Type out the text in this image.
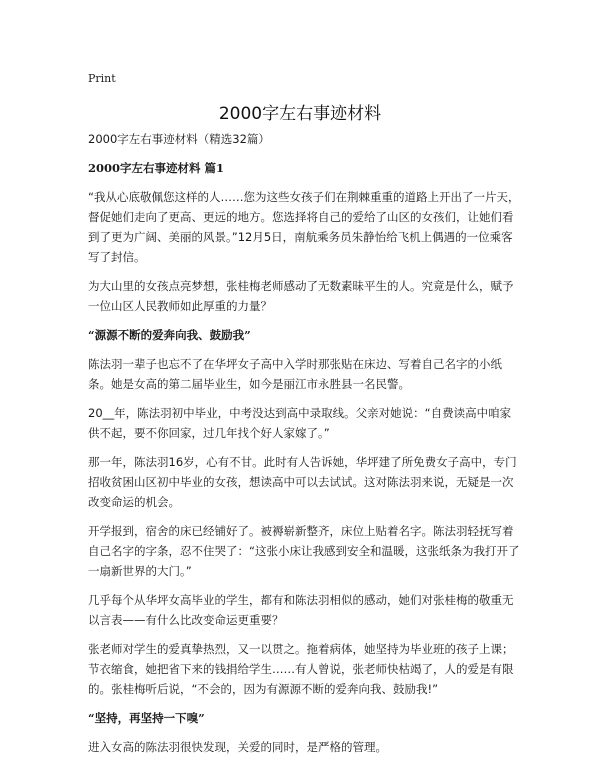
Print
2000字左右事迹材料

2000字左右事迹材料（精选32篇）

2000字左右事迹材料 篇1

“我从心底敬佩您这样的人……您为这些女孩子们在荆棘重重的道路上开出了一片天，督促她们走向了更高、更远的地方。您选择将自己的爱给了山区的女孩们，让她们看到了更为广阔、美丽的风景。”12月5日，南航乘务员朱静怡给飞机上偶遇的一位乘客写了封信。

为大山里的女孩点亮梦想，张桂梅老师感动了无数素昧平生的人。究竟是什么，赋予一位山区人民教师如此厚重的力量？

“源源不断的爱奔向我、鼓励我”

陈法羽一辈子也忘不了在华坪女子高中入学时那张贴在床边、写着自己名字的小纸条。她是女高的第二届毕业生，如今是丽江市永胜县一名民警。

20__年，陈法羽初中毕业，中考没达到高中录取线。父亲对她说：“自费读高中咱家供不起，要不你回家，过几年找个好人家嫁了。”

那一年，陈法羽16岁，心有不甘。此时有人告诉她，华坪建了所免费女子高中，专门招收贫困山区初中毕业的女孩，想读高中可以去试试。这对陈法羽来说，无疑是一次改变命运的机会。

开学报到，宿舍的床已经铺好了。被褥崭新整齐，床位上贴着名字。陈法羽轻抚写着自己名字的字条，忍不住哭了：“这张小床让我感到安全和温暖，这张纸条为我打开了一扇新世界的大门。”

几乎每个从华坪女高毕业的学生，都有和陈法羽相似的感动，她们对张桂梅的敬重无以言表——有什么比改变命运更重要？

张老师对学生的爱真挚热烈，又一以贯之。拖着病体，她坚持为毕业班的孩子上课；节衣缩食，她把省下来的钱捐给学生……有人曾说，张老师快枯竭了，人的爱是有限的。张桂梅听后说，“不会的，因为有源源不断的爱奔向我、鼓励我!”

“坚持，再坚持一下嗅”

进入女高的陈法羽很快发现，关爱的同时，是严格的管理。
